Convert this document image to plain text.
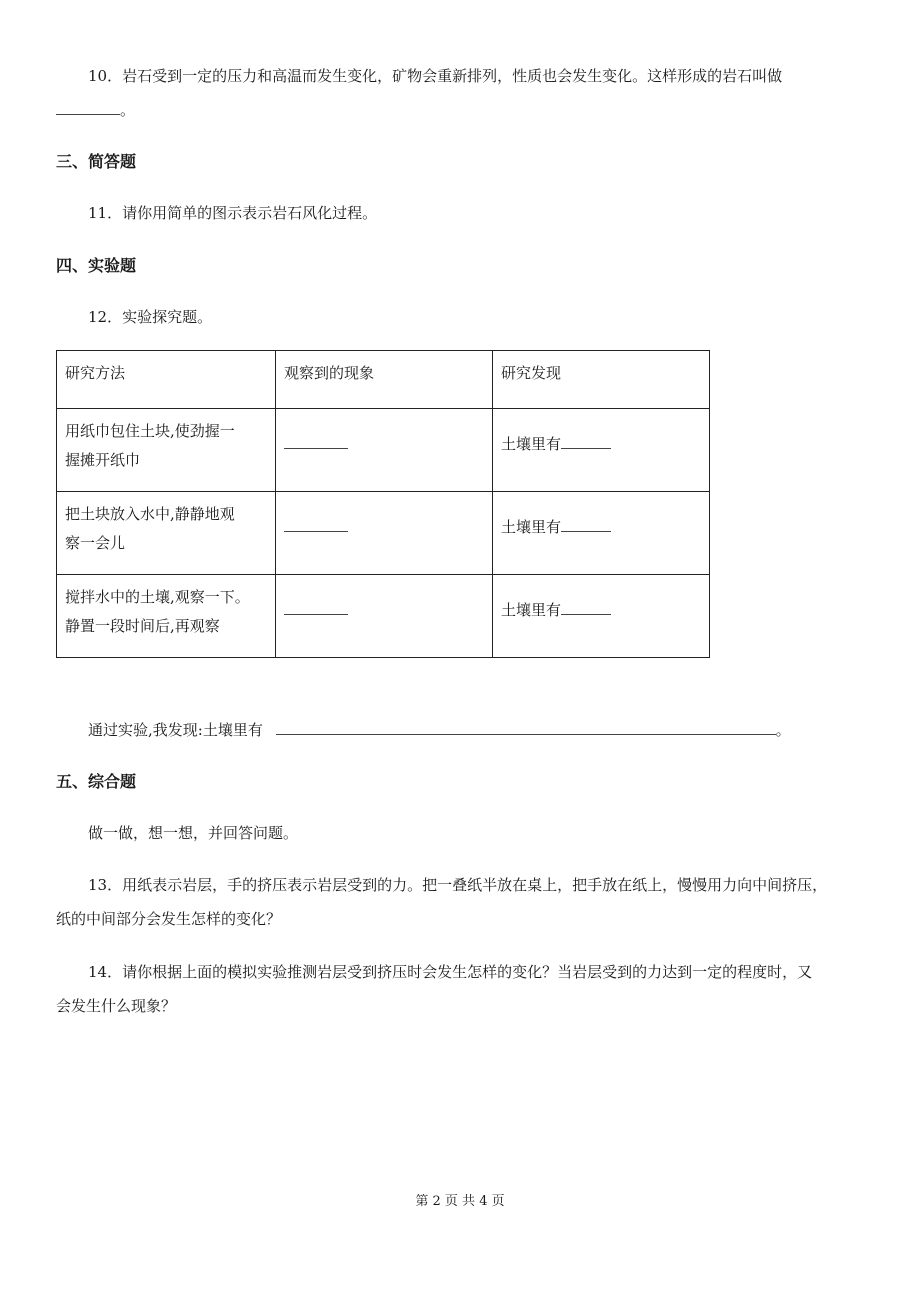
10．岩石受到一定的压力和高温而发生变化，矿物会重新排列，性质也会发生变化。这样形成的岩石叫做
。
三、简答题
11．请你用简单的图示表示岩石风化过程。
四、实验题
12．实验探究题。
研究方法	观察到的现象	研究发现

用纸巾包住土块,使劲握一
握摊开纸巾		土壤里有

把土块放入水中,静静地观
察一会儿		土壤里有

搅拌水中的土壤,观察一下。
静置一段时间后,再观察		土壤里有
通过实验,我发现:土壤里有	。
五、综合题
做一做，想一想，并回答问题。
13．用纸表示岩层，手的挤压表示岩层受到的力。把一叠纸半放在桌上，把手放在纸上，慢慢用力向中间挤压，
纸的中间部分会发生怎样的变化？
14．请你根据上面的模拟实验推测岩层受到挤压时会发生怎样的变化？当岩层受到的力达到一定的程度时，又
会发生什么现象？
第 2 页 共 4 页
